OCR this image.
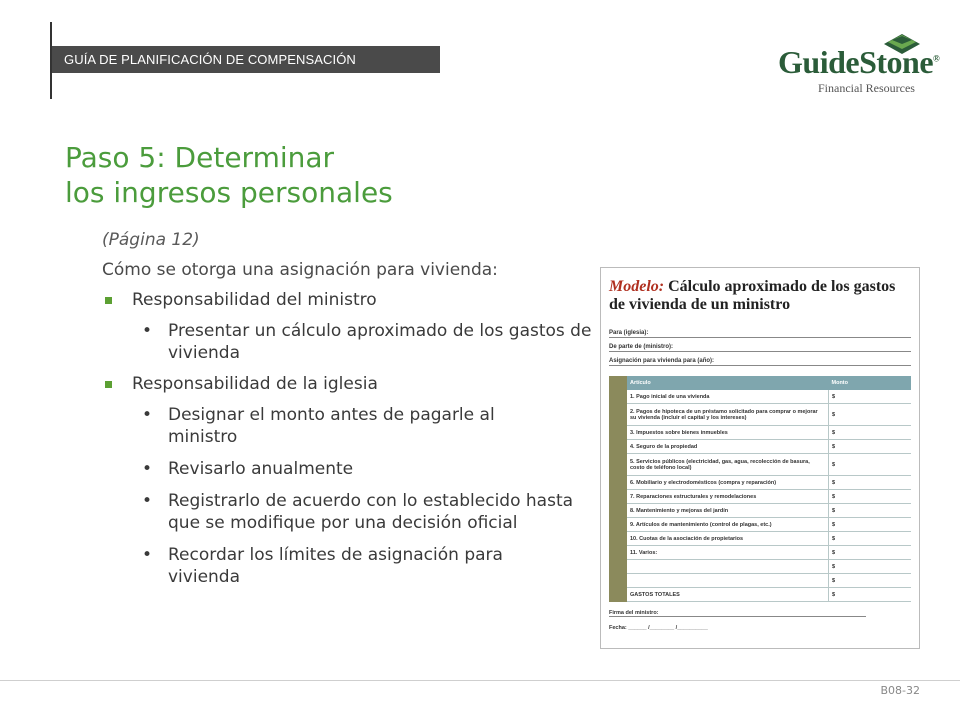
GUÍA DE PLANIFICACIÓN DE COMPENSACIÓN	GuideStone®
Financial Resources
Paso 5: Determinar
los ingresos personales
(Página 12)
Cómo se otorga una asignación para vivienda:
Responsabilidad del ministro
• Presentar un cálculo aproximado de los gastos de vivienda
Responsabilidad de la iglesia
• Designar el monto antes de pagarle al ministro
• Revisarlo anualmente
• Registrarlo de acuerdo con lo establecido hasta que se modifique por una decisión oficial
• Recordar los límites de asignación para vivienda
Modelo: Cálculo aproximado de los gastos de vivienda de un ministro
Para (iglesia):
De parte de (ministro):
Asignación para vivienda para (año):
	Artículo	Monto
	1. Pago inicial de una vivienda	$
	2. Pagos de hipoteca de un préstamo solicitado para comprar o mejorar su vivienda (incluir el capital y los intereses)	$
	3. Impuestos sobre bienes inmuebles	$
	4. Seguro de la propiedad	$
	5. Servicios públicos (electricidad, gas, agua, recolección de basura, costo de teléfono local)	$
	6. Mobiliario y electrodomésticos (compra y reparación)	$
	7. Reparaciones estructurales y remodelaciones	$
	8. Mantenimiento y mejoras del jardín	$
	9. Artículos de mantenimiento (control de plagas, etc.)	$
	10. Cuotas de la asociación de propietarios	$
	11. Varios:	$
		$
		$
	GASTOS TOTALES	$
Firma del ministro:
Fecha: ______ /________ /__________
B08-32
